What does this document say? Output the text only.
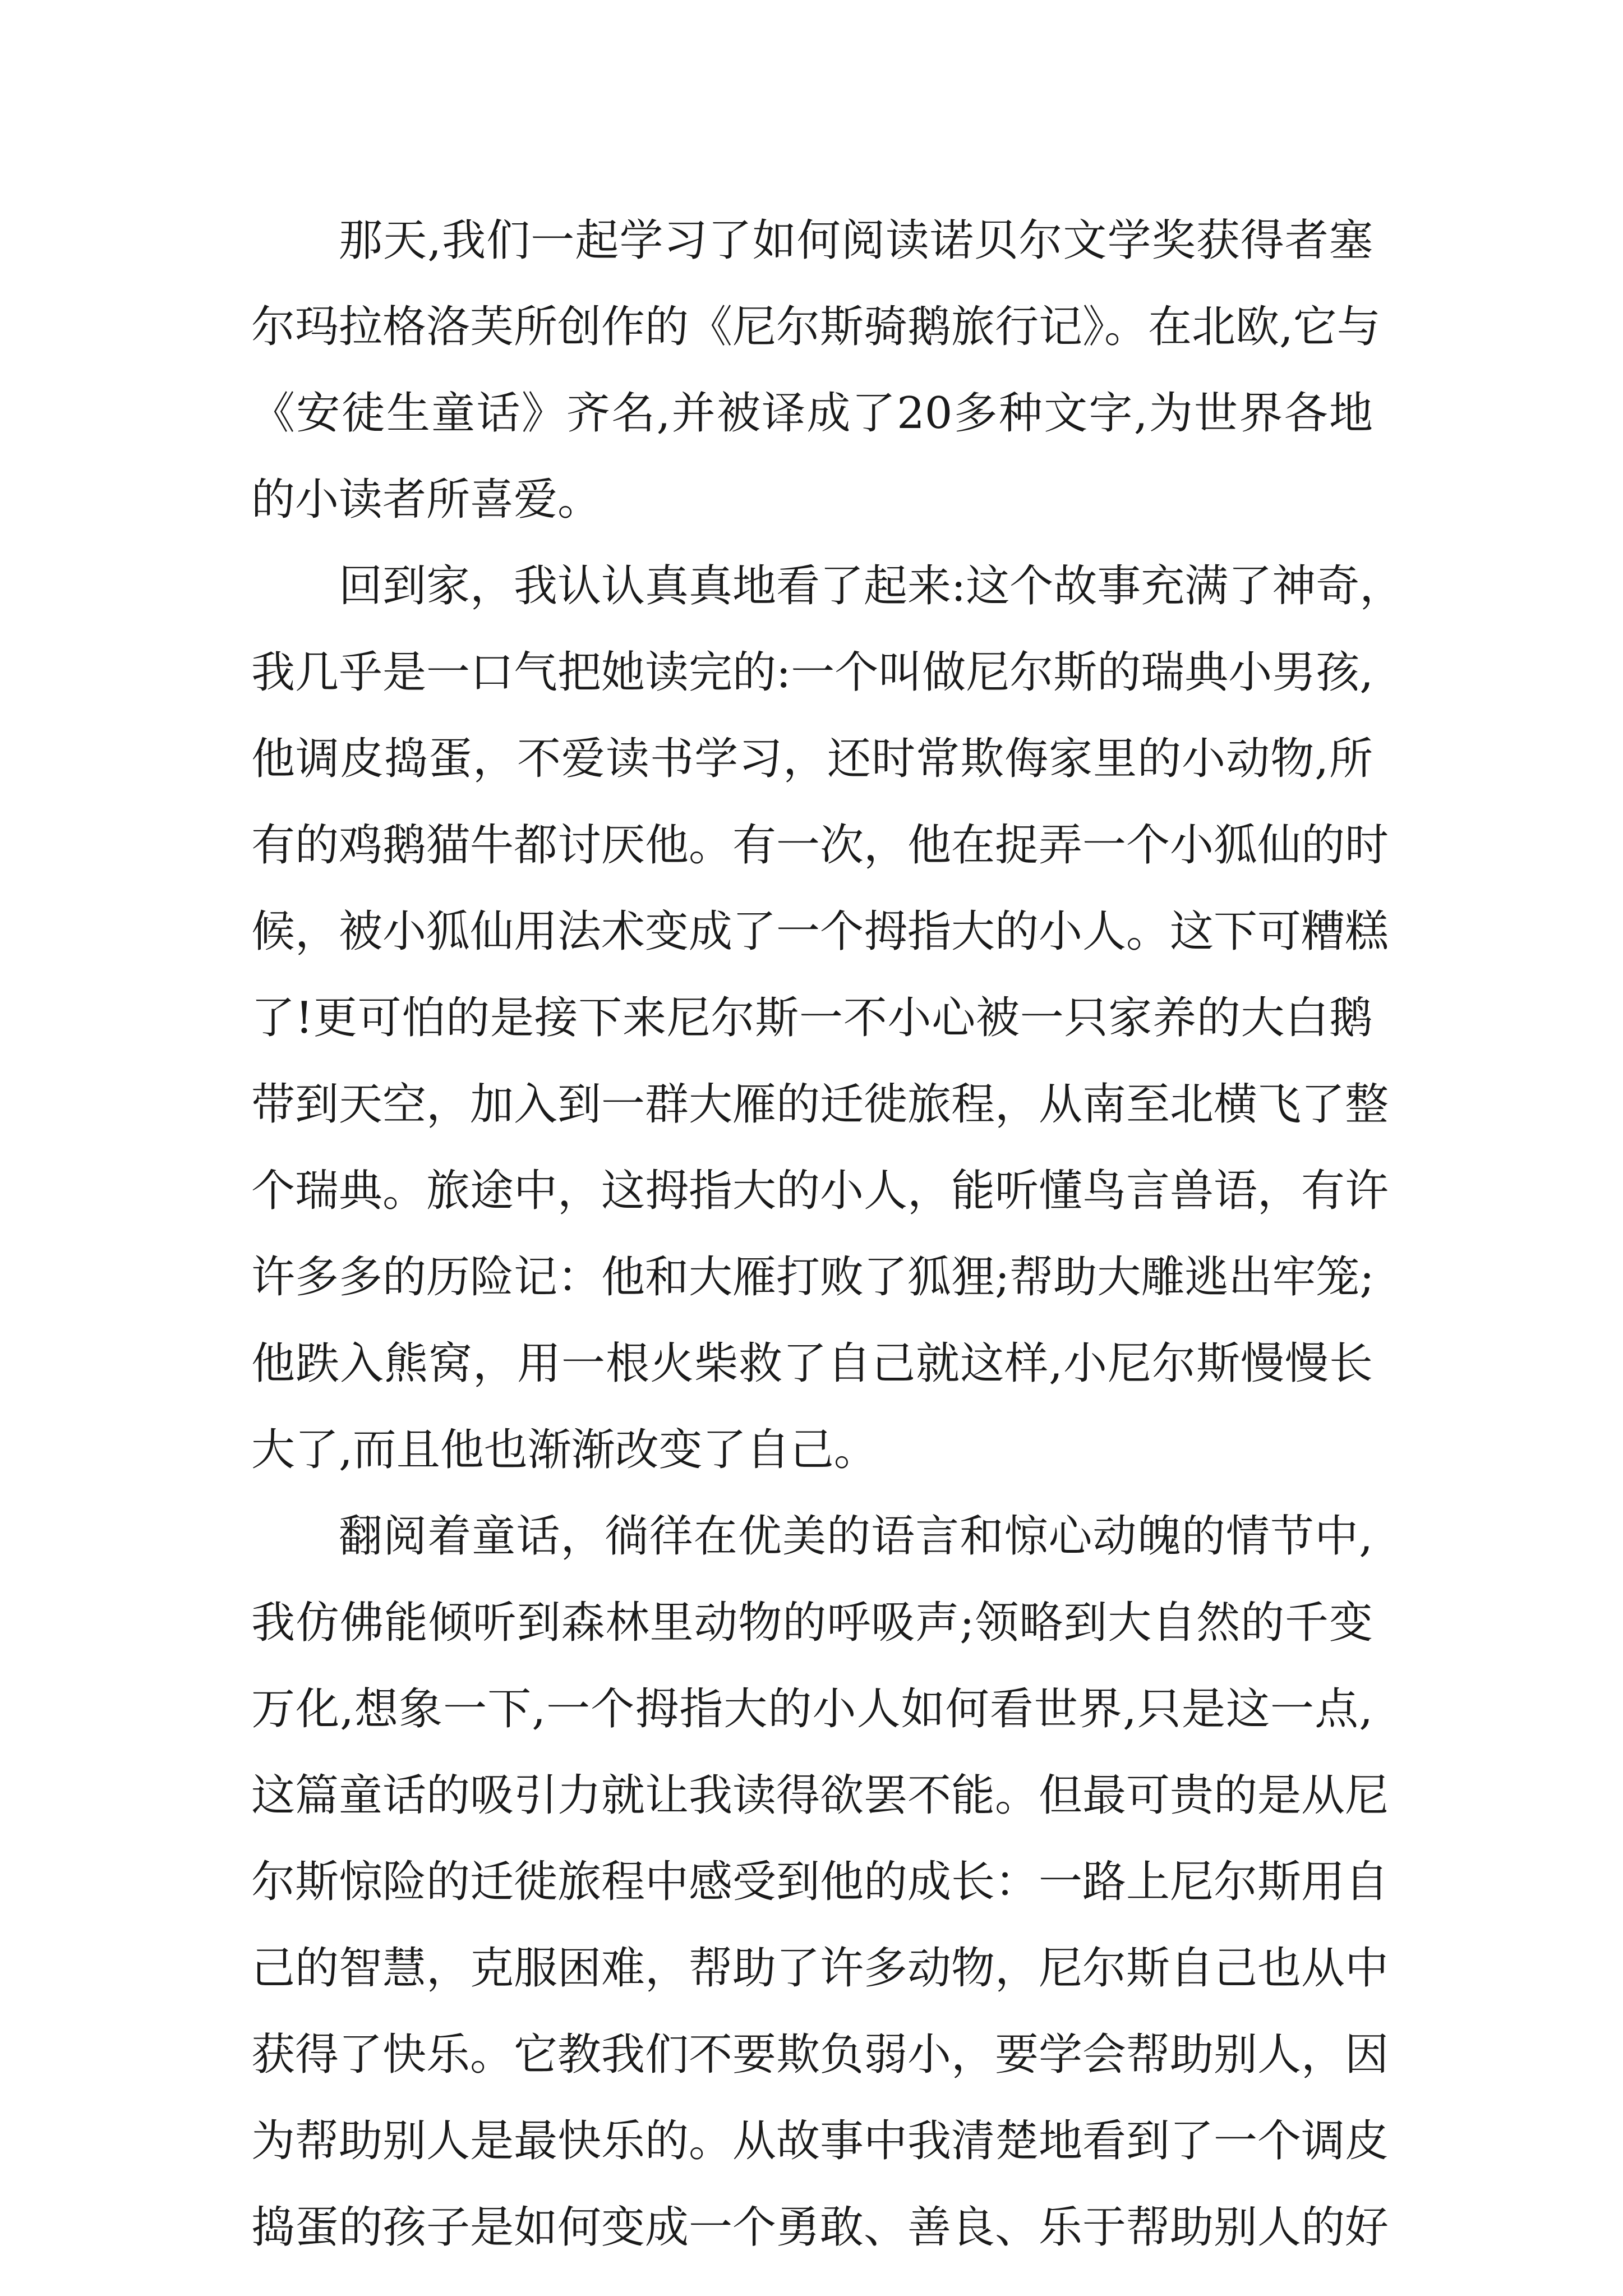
那天,我们一起学习了如何阅读诺贝尔文学奖获得者塞
尔玛拉格洛芙所创作的《尼尔斯骑鹅旅行记》。在北欧,它与
《安徒生童话》齐名,并被译成了20多种文字,为世界各地
的小读者所喜爱。
回到家，我认认真真地看了起来:这个故事充满了神奇，
我几乎是一口气把她读完的:一个叫做尼尔斯的瑞典小男孩,
他调皮捣蛋，不爱读书学习，还时常欺侮家里的小动物,所
有的鸡鹅猫牛都讨厌他。有一次，他在捉弄一个小狐仙的时
候，被小狐仙用法术变成了一个拇指大的小人。这下可糟糕
了!更可怕的是接下来尼尔斯一不小心被一只家养的大白鹅
带到天空，加入到一群大雁的迁徙旅程，从南至北横飞了整
个瑞典。旅途中，这拇指大的小人，能听懂鸟言兽语，有许
许多多的历险记：他和大雁打败了狐狸;帮助大雕逃出牢笼;
他跌入熊窝，用一根火柴救了自己就这样,小尼尔斯慢慢长
大了,而且他也渐渐改变了自己。
翻阅着童话，徜徉在优美的语言和惊心动魄的情节中,
我仿佛能倾听到森林里动物的呼吸声;领略到大自然的千变
万化,想象一下,一个拇指大的小人如何看世界,只是这一点,
这篇童话的吸引力就让我读得欲罢不能。但最可贵的是从尼
尔斯惊险的迁徙旅程中感受到他的成长：一路上尼尔斯用自
己的智慧，克服困难，帮助了许多动物，尼尔斯自己也从中
获得了快乐。它教我们不要欺负弱小，要学会帮助别人，因
为帮助别人是最快乐的。从故事中我清楚地看到了一个调皮
捣蛋的孩子是如何变成一个勇敢、善良、乐于帮助别人的好
